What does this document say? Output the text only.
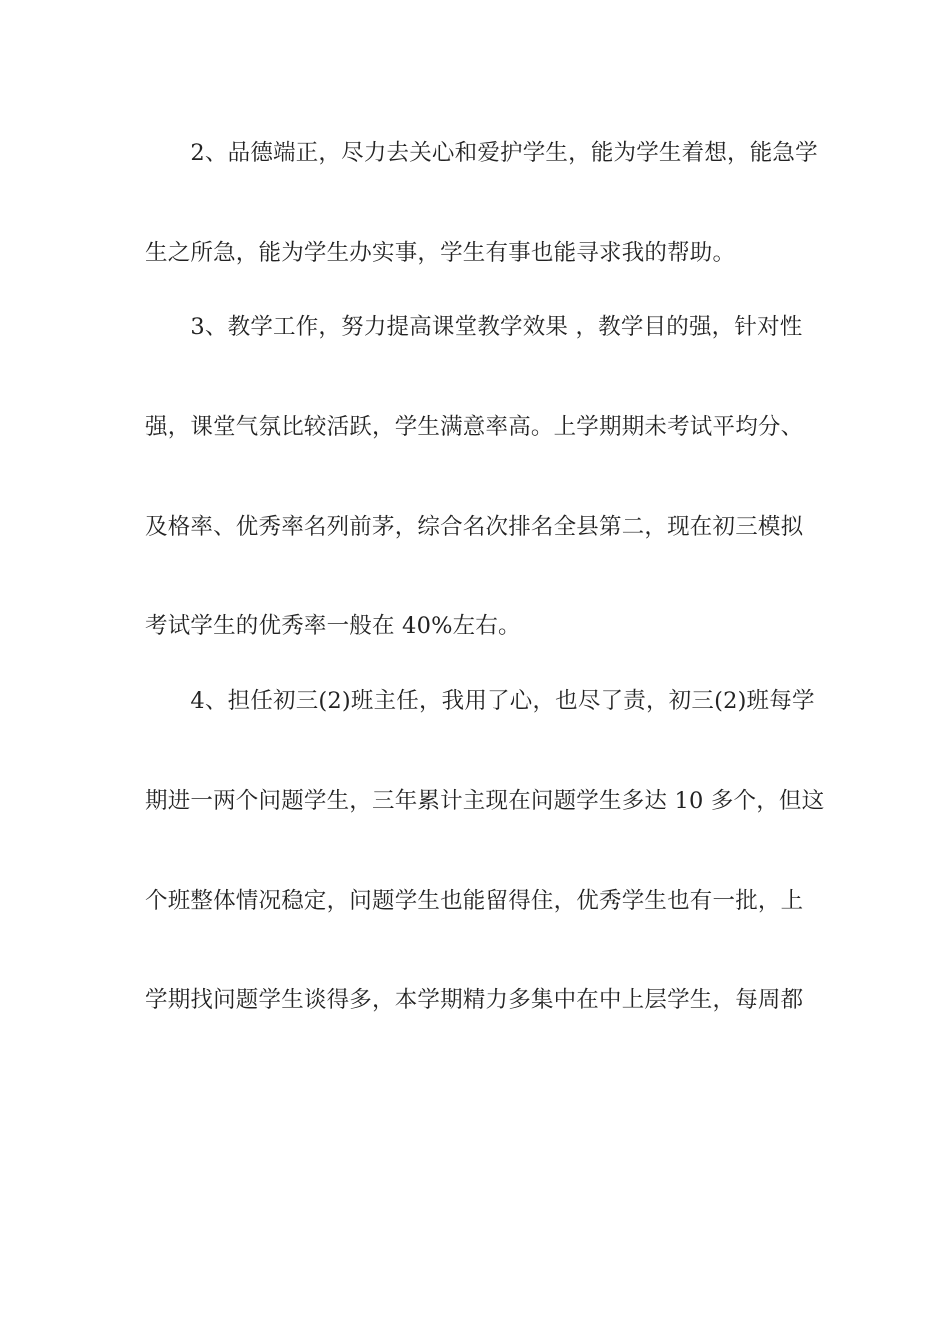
　　2、品德端正，尽力去关心和爱护学生，能为学生着想，能急学
生之所急，能为学生办实事，学生有事也能寻求我的帮助。
　　3、教学工作，努力提高课堂教学效果 ，教学目的强，针对性
强，课堂气氛比较活跃，学生满意率高。上学期期未考试平均分、
及格率、优秀率名列前茅，综合名次排名全县第二，现在初三模拟
考试学生的优秀率一般在 40%左右。
　　4、担任初三(2)班主任，我用了心，也尽了责，初三(2)班每学
期进一两个问题学生，三年累计主现在问题学生多达 10 多个，但这
个班整体情况稳定，问题学生也能留得住，优秀学生也有一批，上
学期找问题学生谈得多，本学期精力多集中在中上层学生，每周都
